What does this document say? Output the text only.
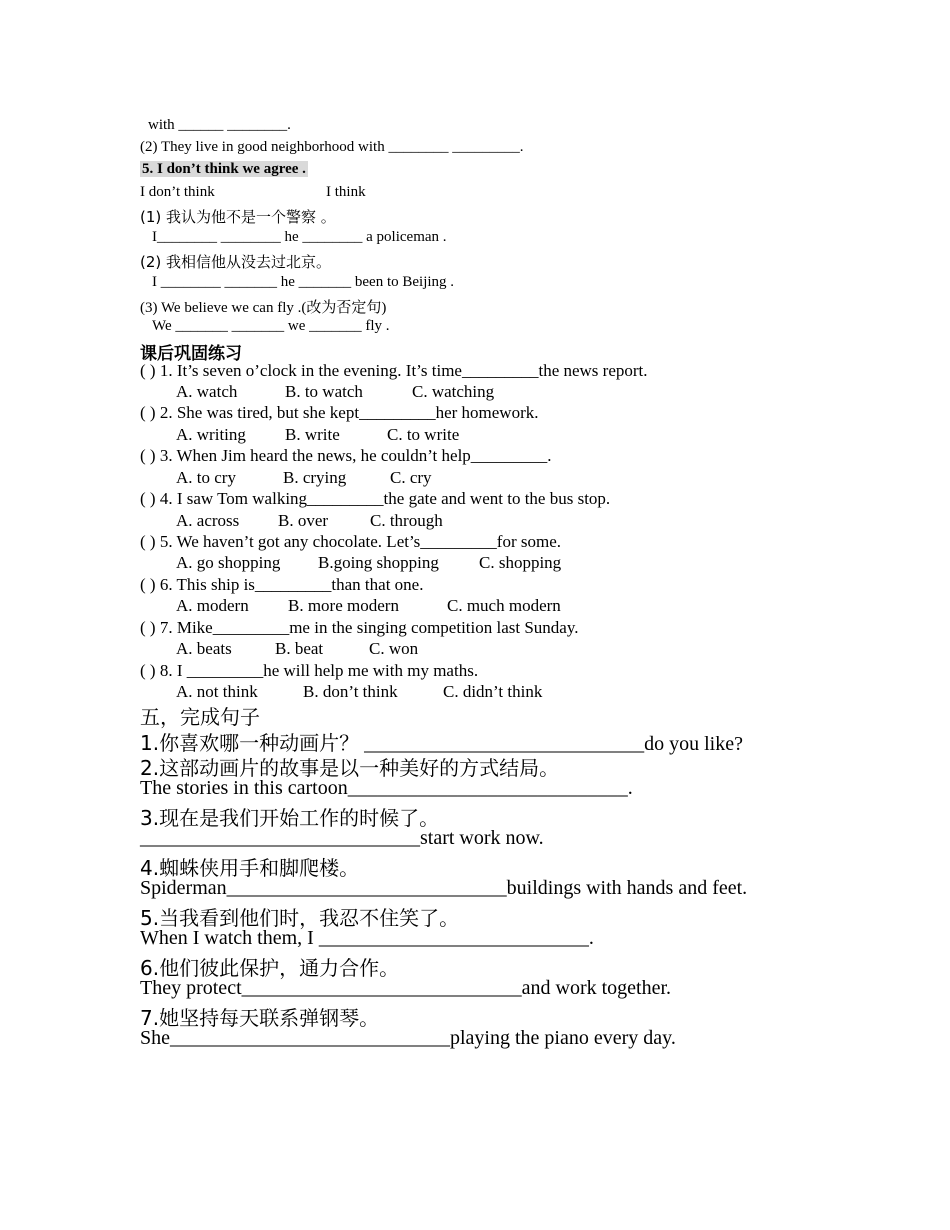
with ______ ________.
(2) They live in good neighborhood with ________ _________.
5. I don’t think we agree .
I don’t think	I think
(1) 我认为他不是一个警察 。
I________ ________ he ________ a policeman .
(2) 我相信他从没去过北京。
I ________ _______ he _______ been to Beijing .
(3) We believe we can fly .(改为否定句)
We _______ _______ we _______ fly .
课后巩固练习
( ) 1. It’s seven o’clock in the evening. It’s time_________the news report.
A. watch	B. to watch	C. watching
( ) 2. She was tired, but she kept_________her homework.
A. writing B. write	C. to write
( ) 3. When Jim heard the news, he couldn’t help_________.
A. to cry	B. crying	C. cry
( ) 4. I saw Tom walking_________the gate and went to the bus stop.
A. across B. over C. through
( ) 5. We haven’t got any chocolate. Let’s_________for some.
A. go shopping B.going shopping C. shopping
( ) 6. This ship is_________than that one.
A. modern B. more modern	C. much modern
( ) 7. Mike_________me in the singing competition last Sunday.
A. beats	B. beat	C. won
( ) 8. I _________he will help me with my maths.
A. not think	B. don’t think	C. didn’t think
五，完成句子
1.你喜欢哪一种动画片？ ____________________________do you like?
2.这部动画片的故事是以一种美好的方式结局。
The stories in this cartoon____________________________.
3.现在是我们开始工作的时候了。
____________________________start work now.
4.蜘蛛侠用手和脚爬楼。
Spiderman____________________________buildings with hands and feet.
5.当我看到他们时，我忍不住笑了。
When I watch them, I ___________________________.
6.他们彼此保护，通力合作。
They protect____________________________and work together.
7.她坚持每天联系弹钢琴。
She____________________________playing the piano every day.
